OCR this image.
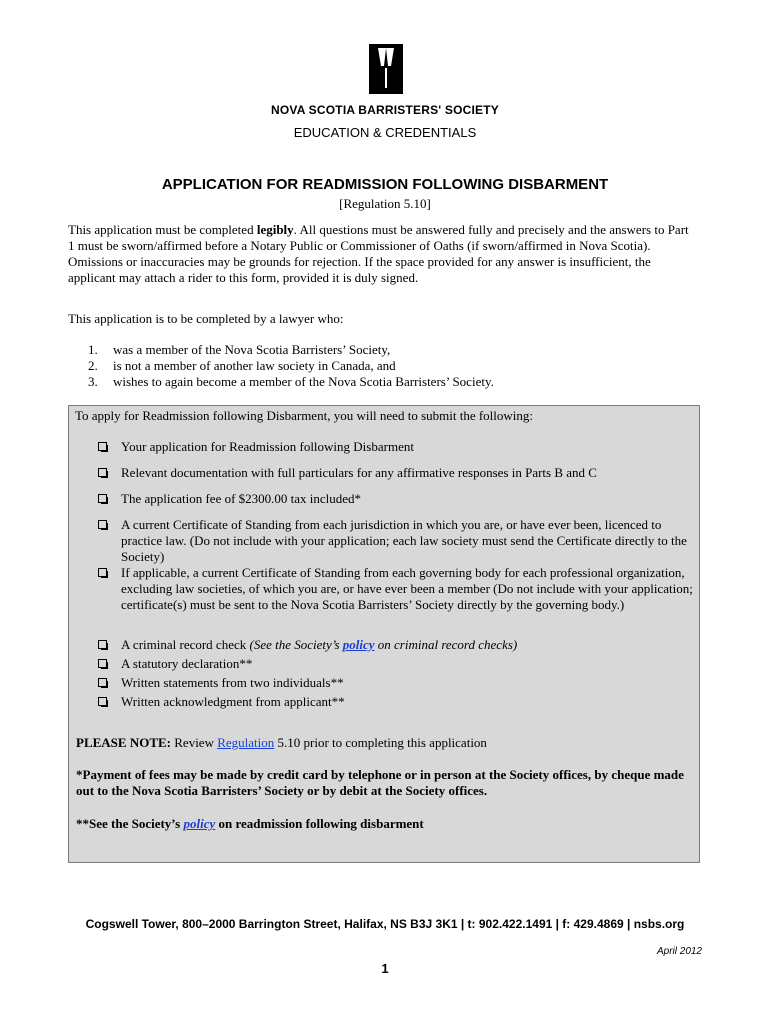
NOVA SCOTIA BARRISTERS' SOCIETY
EDUCATION & CREDENTIALS
APPLICATION FOR READMISSION FOLLOWING DISBARMENT
[Regulation 5.10]
This application must be completed legibly. All questions must be answered fully and precisely and the answers to Part 1 must be sworn/affirmed before a Notary Public or Commissioner of Oaths (if sworn/affirmed in Nova Scotia). Omissions or inaccuracies may be grounds for rejection. If the space provided for any answer is insufficient, the applicant may attach a rider to this form, provided it is duly signed.
This application is to be completed by a lawyer who:
1. was a member of the Nova Scotia Barristers’ Society,
2. is not a member of another law society in Canada, and
3. wishes to again become a member of the Nova Scotia Barristers’ Society.
To apply for Readmission following Disbarment, you will need to submit the following:
Your application for Readmission following Disbarment
Relevant documentation with full particulars for any affirmative responses in Parts B and C
The application fee of $2300.00 tax included*
A current Certificate of Standing from each jurisdiction in which you are, or have ever been, licenced to practice law. (Do not include with your application; each law society must send the Certificate directly to the Society)
If applicable, a current Certificate of Standing from each governing body for each professional organization, excluding law societies, of which you are, or have ever been a member (Do not include with your application; certificate(s) must be sent to the Nova Scotia Barristers’ Society directly by the governing body.)
A criminal record check (See the Society’s policy on criminal record checks)
A statutory declaration**
Written statements from two individuals**
Written acknowledgment from applicant**
PLEASE NOTE: Review Regulation 5.10 prior to completing this application
*Payment of fees may be made by credit card by telephone or in person at the Society offices, by cheque made out to the Nova Scotia Barristers’ Society or by debit at the Society offices.
**See the Society’s policy on readmission following disbarment
Cogswell Tower, 800–2000 Barrington Street, Halifax, NS B3J 3K1 | t: 902.422.1491 | f: 429.4869 | nsbs.org
April 2012
1
